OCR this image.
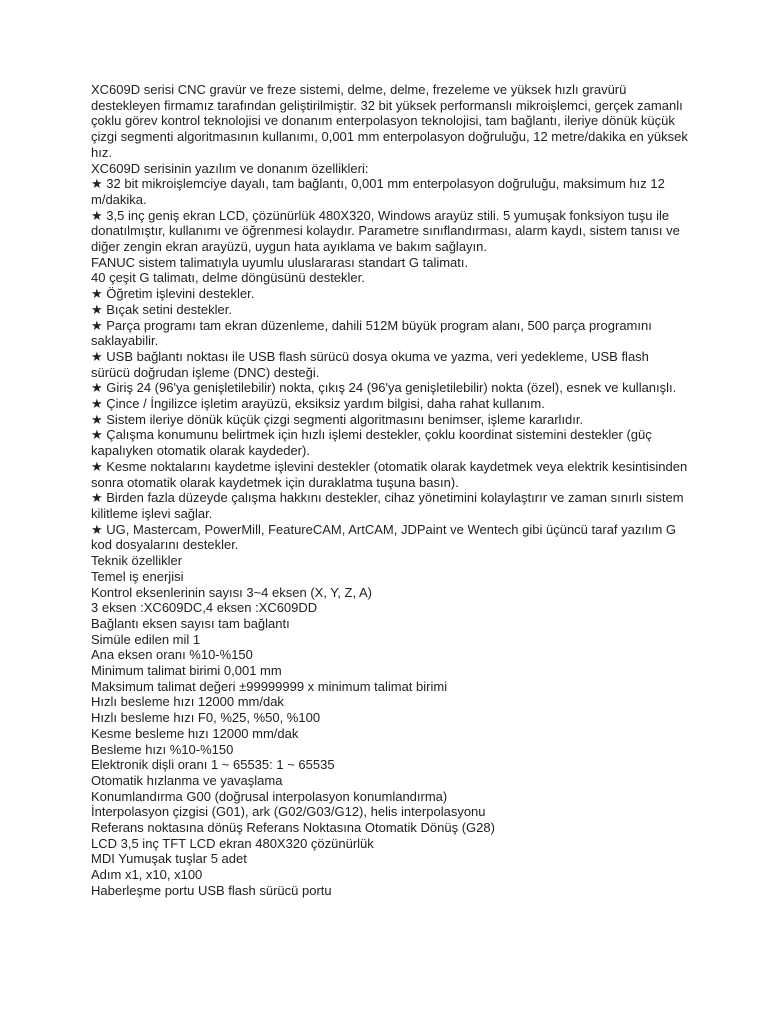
XC609D serisi CNC gravür ve freze sistemi, delme, delme, frezeleme ve yüksek hızlı gravürü destekleyen firmamız tarafından geliştirilmiştir. 32 bit yüksek performanslı mikroişlemci, gerçek zamanlı çoklu görev kontrol teknolojisi ve donanım enterpolasyon teknolojisi, tam bağlantı, ileriye dönük küçük çizgi segmenti algoritmasının kullanımı, 0,001 mm enterpolasyon doğruluğu, 12 metre/dakika en yüksek hız.

XC609D serisinin yazılım ve donanım özellikleri:

★ 32 bit mikroişlemciye dayalı, tam bağlantı, 0,001 mm enterpolasyon doğruluğu, maksimum hız 12 m/dakika.

★ 3,5 inç geniş ekran LCD, çözünürlük 480X320, Windows arayüz stili. 5 yumuşak fonksiyon tuşu ile donatılmıştır, kullanımı ve öğrenmesi kolaydır. Parametre sınıflandırması, alarm kaydı, sistem tanısı ve diğer zengin ekran arayüzü, uygun hata ayıklama ve bakım sağlayın.

FANUC sistem talimatıyla uyumlu uluslararası standart G talimatı.

40 çeşit G talimatı, delme döngüsünü destekler.

★ Öğretim işlevini destekler.

★ Bıçak setini destekler.

★ Parça programı tam ekran düzenleme, dahili 512M büyük program alanı, 500 parça programını saklayabilir.

★ USB bağlantı noktası ile USB flash sürücü dosya okuma ve yazma, veri yedekleme, USB flash sürücü doğrudan işleme (DNC) desteği.

★ Giriş 24 (96'ya genişletilebilir) nokta, çıkış 24 (96'ya genişletilebilir) nokta (özel), esnek ve kullanışlı.

★ Çince / İngilizce işletim arayüzü, eksiksiz yardım bilgisi, daha rahat kullanım.

★ Sistem ileriye dönük küçük çizgi segmenti algoritmasını benimser, işleme kararlıdır.

★ Çalışma konumunu belirtmek için hızlı işlemi destekler, çoklu koordinat sistemini destekler (güç kapalıyken otomatik olarak kaydeder).

★ Kesme noktalarını kaydetme işlevini destekler (otomatik olarak kaydetmek veya elektrik kesintisinden sonra otomatik olarak kaydetmek için duraklatma tuşuna basın).

★ Birden fazla düzeyde çalışma hakkını destekler, cihaz yönetimini kolaylaştırır ve zaman sınırlı sistem kilitleme işlevi sağlar.

★ UG, Mastercam, PowerMill, FeatureCAM, ArtCAM, JDPaint ve Wentech gibi üçüncü taraf yazılım G kod dosyalarını destekler.

Teknik özellikler

Temel iş enerjisi

Kontrol eksenlerinin sayısı 3~4 eksen (X, Y, Z, A)

3 eksen :XC609DC,4 eksen :XC609DD

Bağlantı eksen sayısı tam bağlantı

Simüle edilen mil 1

Ana eksen oranı %10-%150

Minimum talimat birimi 0,001 mm

Maksimum talimat değeri ±99999999 x minimum talimat birimi

Hızlı besleme hızı 12000 mm/dak

Hızlı besleme hızı F0, %25, %50, %100

Kesme besleme hızı 12000 mm/dak

Besleme hızı %10-%150

Elektronik dişli oranı 1 ~ 65535: 1 ~ 65535

Otomatik hızlanma ve yavaşlama

Konumlandırma G00 (doğrusal interpolasyon konumlandırma)

İnterpolasyon çizgisi (G01), ark (G02/G03/G12), helis interpolasyonu

Referans noktasına dönüş Referans Noktasına Otomatik Dönüş (G28)

LCD 3,5 inç TFT LCD ekran 480X320 çözünürlük

MDI Yumuşak tuşlar 5 adet

Adım x1, x10, x100

Haberleşme portu USB flash sürücü portu
